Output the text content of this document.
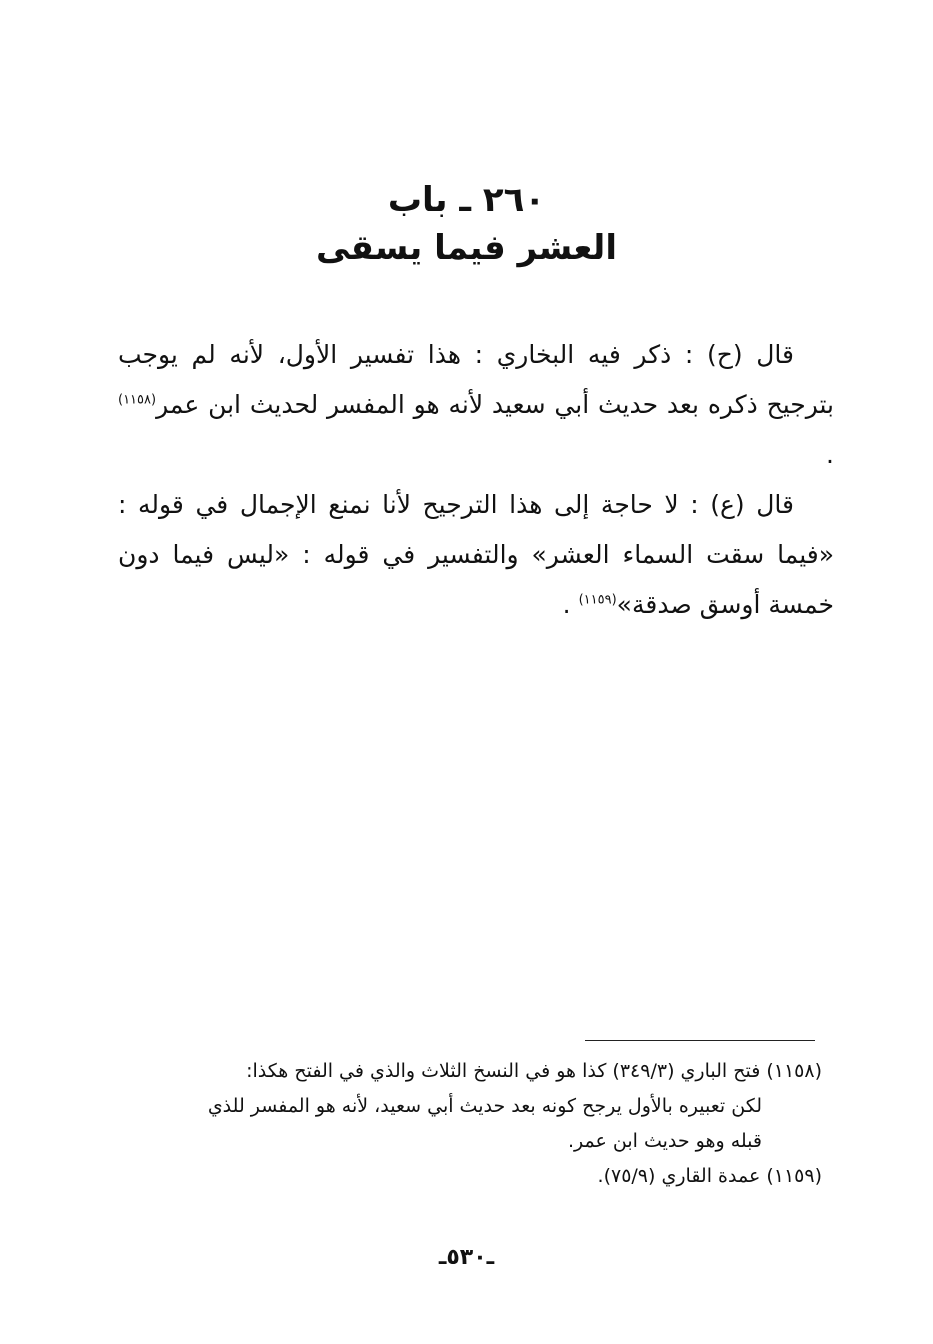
٢٦٠ ـ باب
العشر فيما يسقى

قال (ح) : ذكر فيه البخاري : هذا تفسير الأول، لأنه لم يوجب بترجيح ذكره بعد حديث أبي سعيد لأنه هو المفسر لحديث ابن عمر$^{(١١٥٨)}$ .

قال (ع) : لا حاجة إلى هذا الترجيح لأنا نمنع الإجمال في قوله : «فيما سقت السماء العشر» والتفسير في قوله : «ليس فيما دون خمسة أوسق صدقة»$^{(١١٥٩)}$ .

(١١٥٨) فتح الباري (٣٤٩/٣) كذا هو في النسخ الثلاث والذي في الفتح هكذا:

لكن تعبيره بالأول يرجح كونه بعد حديث أبي سعيد، لأنه هو المفسر للذي

قبله وهو حديث ابن عمر.

(١١٥٩) عمدة القاري (٧٥/٩).

ـ٥٣٠ـ
